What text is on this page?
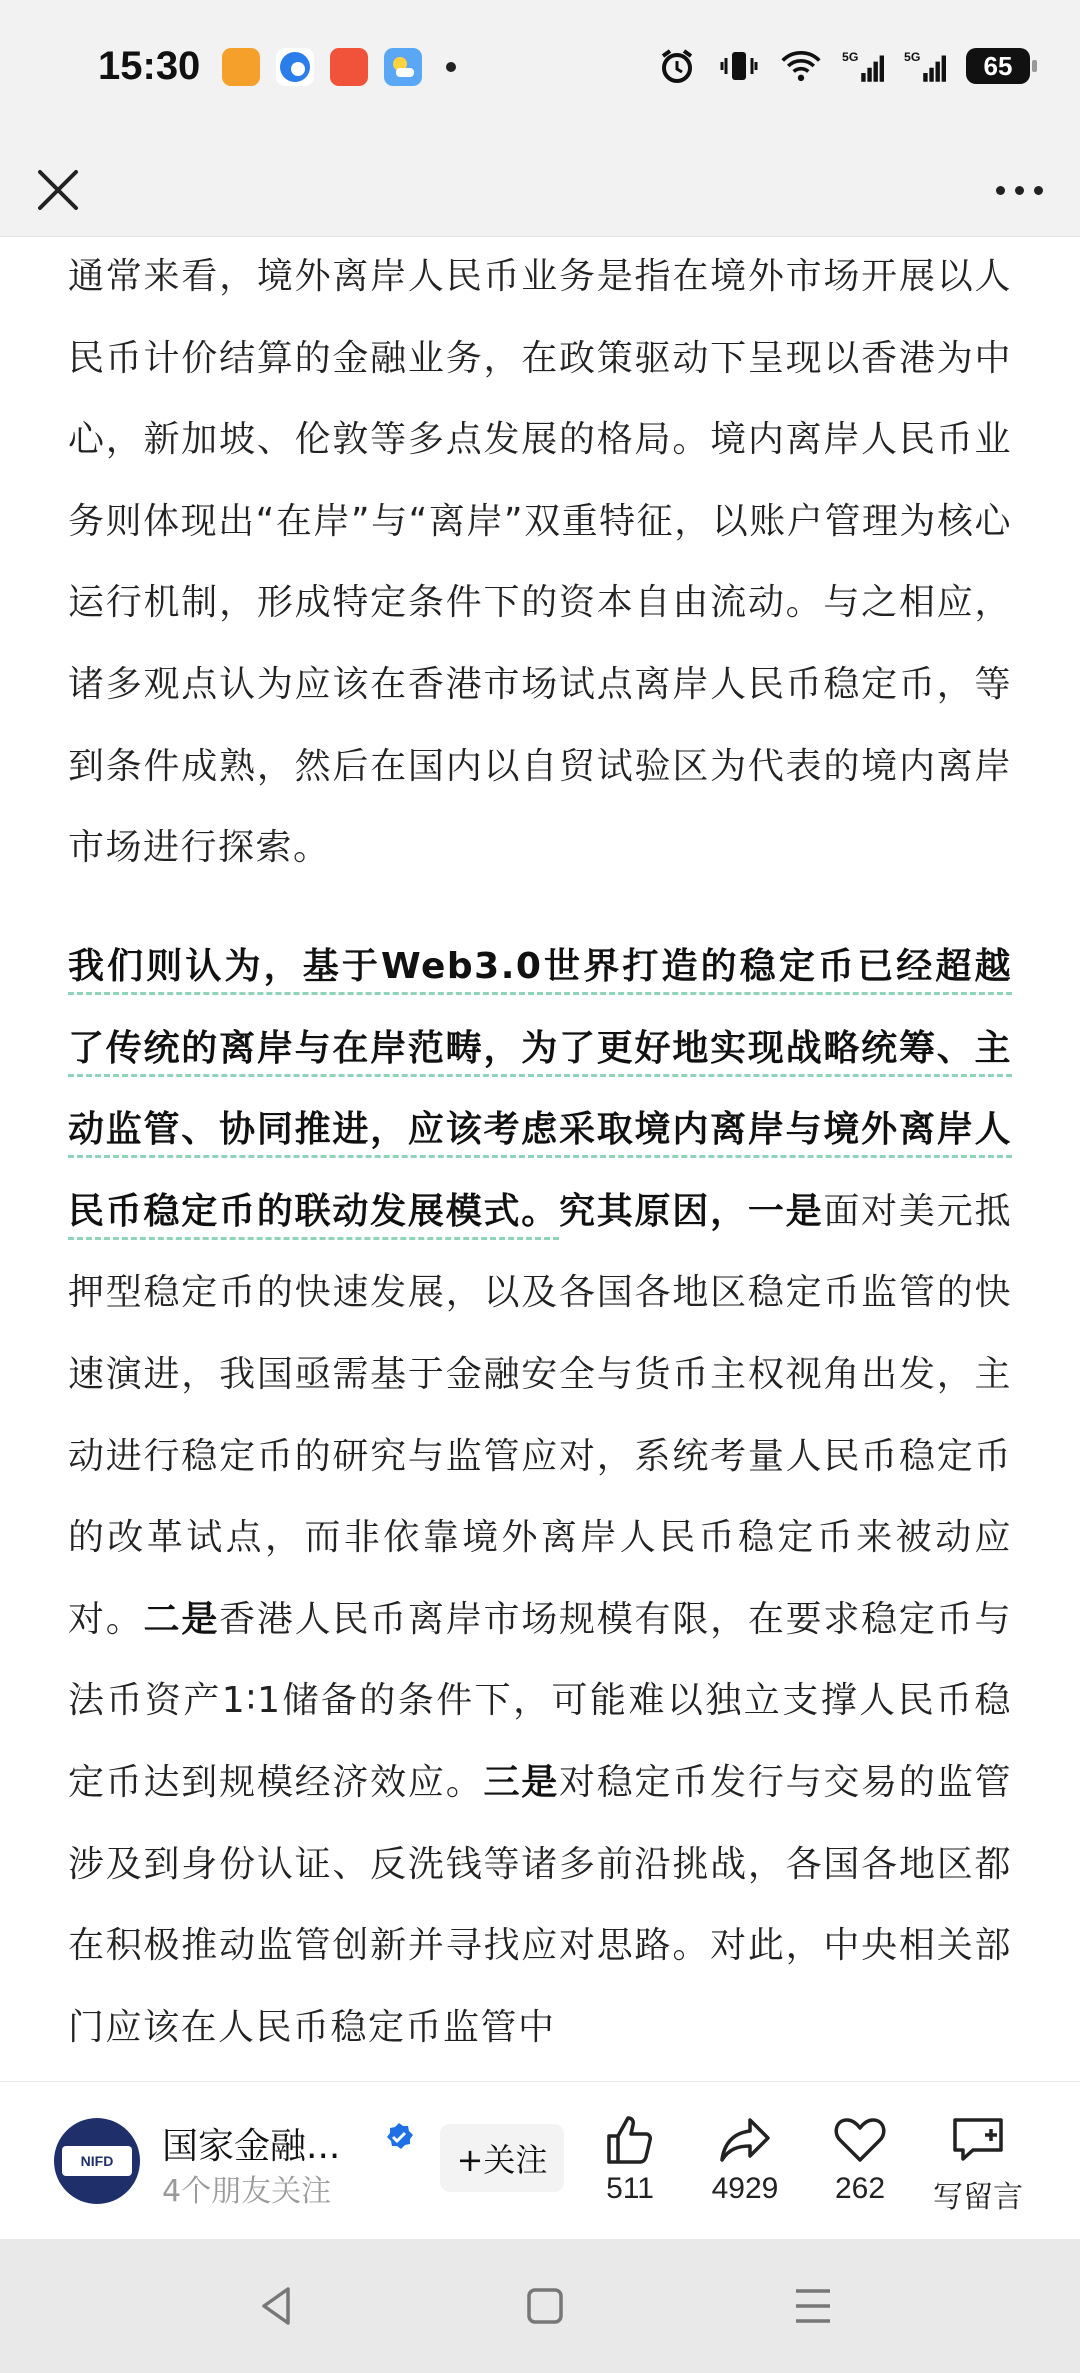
15:30	5G	5G	65

通常来看，境外离岸人民币业务是指在境外市场开展以人民币计价结算的金融业务，在政策驱动下呈现以香港为中心，新加坡、伦敦等多点发展的格局。境内离岸人民币业务则体现出“在岸”与“离岸”双重特征，以账户管理为核心运行机制，形成特定条件下的资本自由流动。与之相应，诸多观点认为应该在香港市场试点离岸人民币稳定币，等到条件成熟，然后在国内以自贸试验区为代表的境内离岸市场进行探索。

我们则认为，基于Web3.0世界打造的稳定币已经超越了传统的离岸与在岸范畴，为了更好地实现战略统筹、主动监管、协同推进，应该考虑采取境内离岸与境外离岸人民币稳定币的联动发展模式。究其原因，一是面对美元抵押型稳定币的快速发展，以及各国各地区稳定币监管的快速演进，我国亟需基于金融安全与货币主权视角出发，主动进行稳定币的研究与监管应对，系统考量人民币稳定币的改革试点，而非依靠境外离岸人民币稳定币来被动应对。二是香港人民币离岸市场规模有限，在要求稳定币与法币资产1∶1储备的条件下，可能难以独立支撑人民币稳定币达到规模经济效应。三是对稳定币发行与交易的监管涉及到身份认证、反洗钱等诸多前沿挑战，各国各地区都在积极推动监管创新并寻找应对思路。对此，中央相关部门应该在人民币稳定币监管中

NIFD	国家金融...
4个朋友关注
+关注
511 4929 262 写留言
